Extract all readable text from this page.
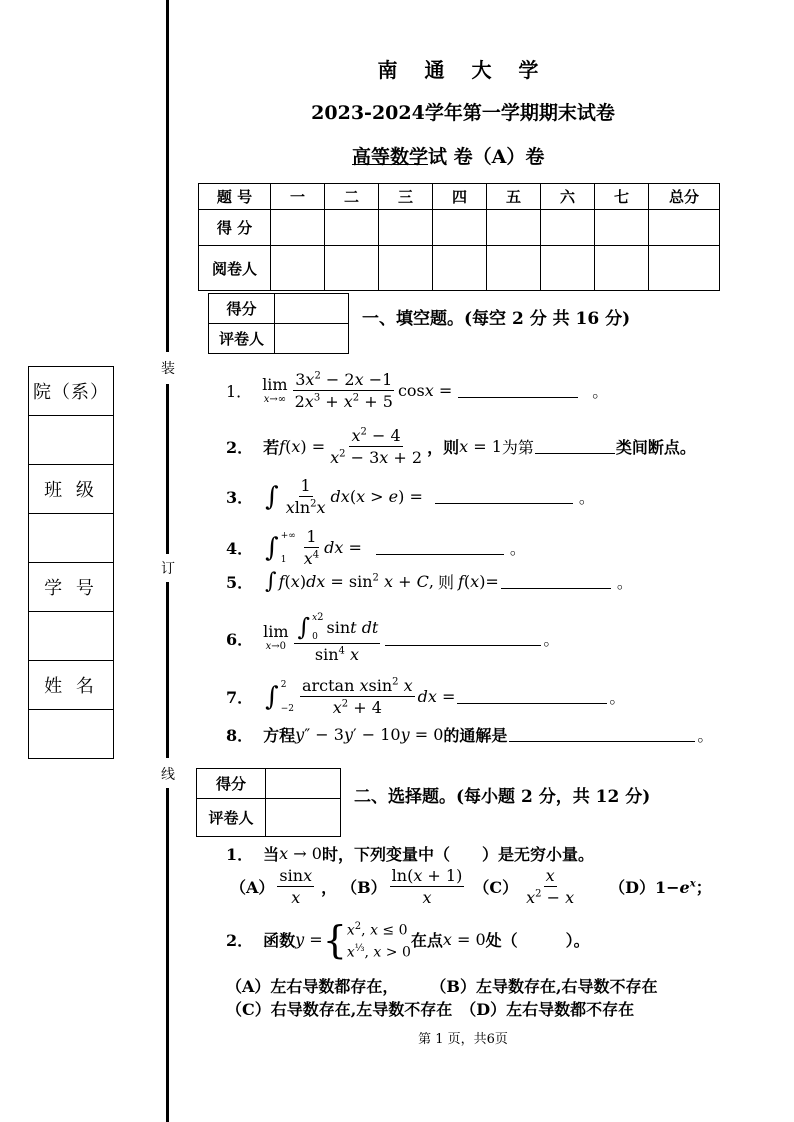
装
订
线
院（系）
班 级
学 号
姓 名
南 通 大 学
2023-2024学年第一学期期末试卷
高等数学试 卷（A）卷
题 号	一	二	三	四	五	六	七	总分
得 分								
阅卷人								
得分	
评卷人	
一、填空题。(每空 2 分 共 16 分)
1． lim
$x\to\infty \frac{3x^2 - 2x -1}{2x^3 + x^2 + 5}$ cosx =	。
2． 若 $f(x) = \frac{x^2 - 4}{x^2 - 3x + 2}$ ，则 x = 1 为第	类间断点。
3． ∫ $\frac{1}{xln^2x} dx(x > e)$ =	。
4． ∫ +∞
$1 \frac{1}{x^4}$ dx =	。
5． ∫ $f(x)dx = \sin^2 x + C$, 则 f(x)=	。
6． lim
x→0 ∫ x2
0
sin t
dt
$\sin^4 x$	。
7． ∫ 2
$-2 \frac{\arctan xsin^2 x}{x^2 + 4}$ dx =	。
8． 方程 y″ − 3y′ − 10y = 0 的通解是	。
得分	
评卷人	
二、选择题。(每小题 2 分，共 12 分)
1． 当 x → 0 时，下列变量中（　　）是无穷小量。
$(A) \frac{\sin x}{x}$ ， $(B) \frac{\ln(x + 1)}{x} (C) \frac{x}{x^2 - x} (D)$ $1-e^x$；
2． 函数 y = { $x^2$, x ≤ 0
$x^{\frac{1}{3}}$, x > 0
在点 x = 0 处（　　　）。
（A）左右导数都存在，　　　（B）左导数存在,右导数不存在
（C）右导数存在,左导数不存在　（D）左右导数都不存在
第 1 页，共6页
